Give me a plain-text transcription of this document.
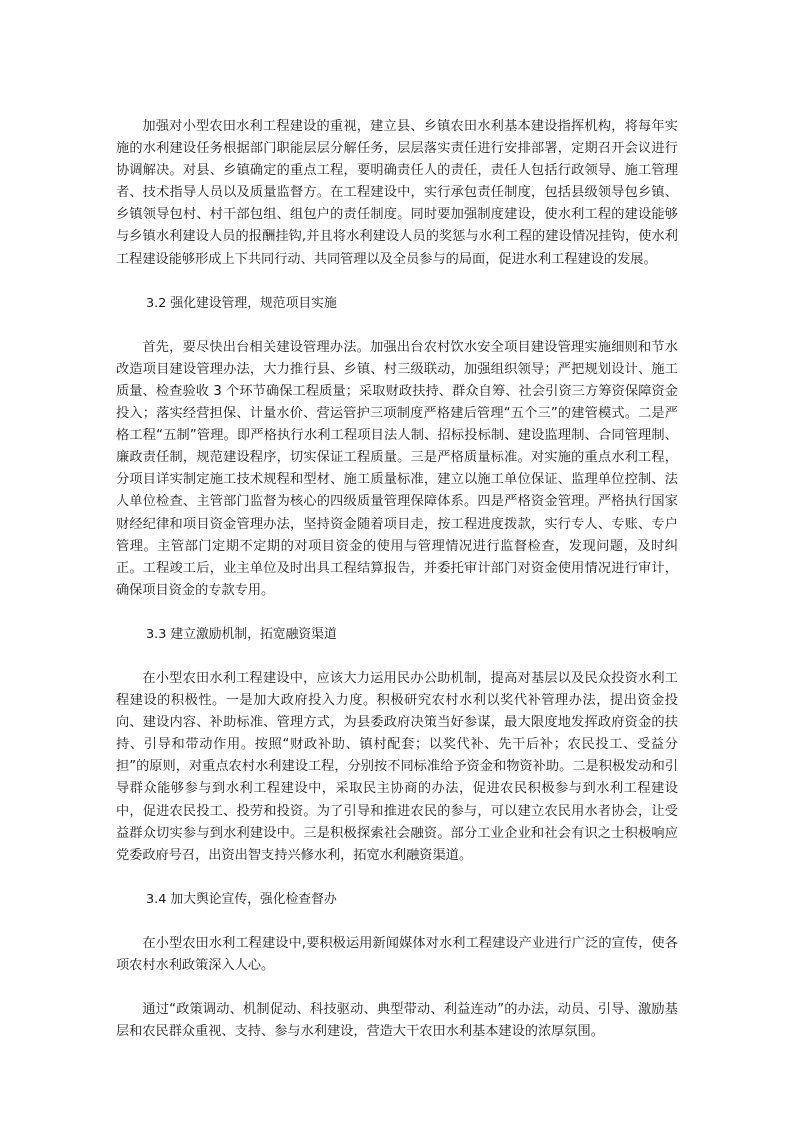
加强对小型农田水利工程建设的重视，建立县、乡镇农田水利基本建设指挥机构，将每年实施的水利建设任务根据部门职能层层分解任务，层层落实责任进行安排部署，定期召开会议进行协调解决。对县、乡镇确定的重点工程，要明确责任人的责任，责任人包括行政领导、施工管理者、技术指导人员以及质量监督方。在工程建设中，实行承包责任制度，包括县级领导包乡镇、乡镇领导包村、村干部包组、组包户的责任制度。同时要加强制度建设，使水利工程的建设能够与乡镇水利建设人员的报酬挂钩,并且将水利建设人员的奖惩与水利工程的建设情况挂钩，使水利工程建设能够形成上下共同行动、共同管理以及全员参与的局面，促进水利工程建设的发展。

3.2 强化建设管理，规范项目实施

首先，要尽快出台相关建设管理办法。加强出台农村饮水安全项目建设管理实施细则和节水改造项目建设管理办法，大力推行县、乡镇、村三级联动，加强组织领导；严把规划设计、施工质量、检查验收 3 个环节确保工程质量；采取财政扶持、群众自筹、社会引资三方筹资保障资金投入；落实经营担保、计量水价、营运管护三项制度严格建后管理“五个三”的建管模式。二是严格工程“五制”管理。即严格执行水利工程项目法人制、招标投标制、建设监理制、合同管理制、廉政责任制，规范建设程序，切实保证工程质量。三是严格质量标准。对实施的重点水利工程，分项目详实制定施工技术规程和型材、施工质量标准，建立以施工单位保证、监理单位控制、法人单位检查、主管部门监督为核心的四级质量管理保障体系。四是严格资金管理。严格执行国家财经纪律和项目资金管理办法，坚持资金随着项目走，按工程进度拨款，实行专人、专账、专户管理。主管部门定期不定期的对项目资金的使用与管理情况进行监督检查，发现问题，及时纠正。工程竣工后，业主单位及时出具工程结算报告，并委托审计部门对资金使用情况进行审计，确保项目资金的专款专用。

3.3 建立激励机制，拓宽融资渠道

在小型农田水利工程建设中，应该大力运用民办公助机制，提高对基层以及民众投资水利工程建设的积极性。一是加大政府投入力度。积极研究农村水利以奖代补管理办法，提出资金投向、建设内容、补助标准、管理方式，为县委政府决策当好参谋，最大限度地发挥政府资金的扶持、引导和带动作用。按照“财政补助、镇村配套；以奖代补、先干后补；农民投工、受益分担”的原则，对重点农村水利建设工程，分别按不同标准给予资金和物资补助。二是积极发动和引导群众能够参与到水利工程建设中，采取民主协商的办法，促进农民积极参与到水利工程建设中，促进农民投工、投劳和投资。为了引导和推进农民的参与，可以建立农民用水者协会，让受益群众切实参与到水利建设中。三是积极探索社会融资。部分工业企业和社会有识之士积极响应党委政府号召，出资出智支持兴修水利，拓宽水利融资渠道。

3.4 加大舆论宣传，强化检查督办

在小型农田水利工程建设中,要积极运用新闻媒体对水利工程建设产业进行广泛的宣传，使各项农村水利政策深入人心。

通过“政策调动、机制促动、科技驱动、典型带动、利益连动”的办法，动员、引导、激励基层和农民群众重视、支持、参与水利建设，营造大干农田水利基本建设的浓厚氛围。
